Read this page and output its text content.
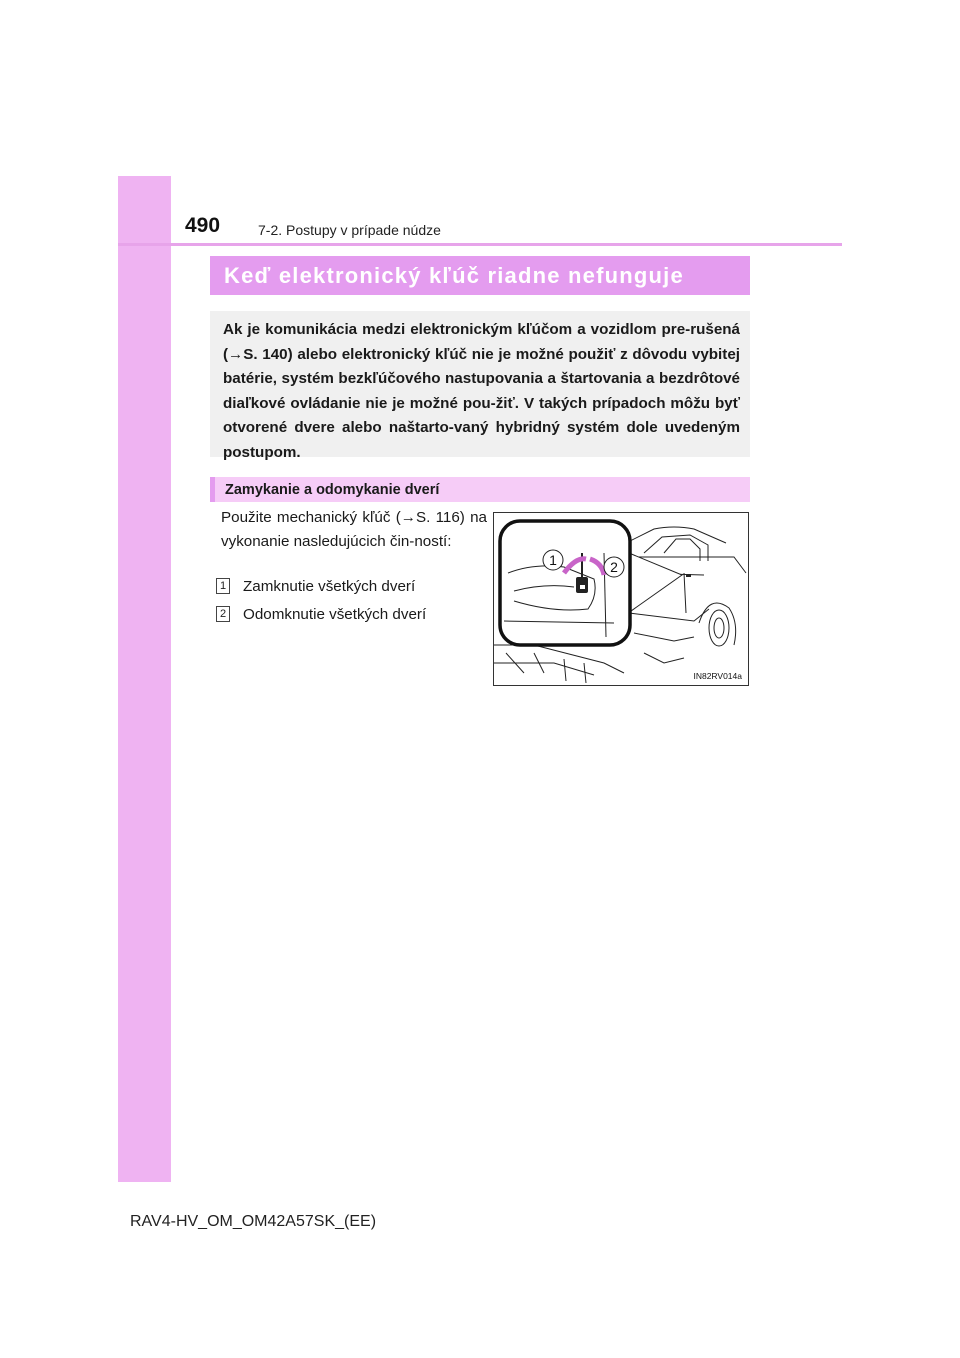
490	7-2. Postupy v prípade núdze
Keď elektronický kľúč riadne nefunguje

Ak je komunikácia medzi elektronickým kľúčom a vozidlom pre-rušená (→S. 140) alebo elektronický kľúč nie je možné použiť z dôvodu vybitej batérie, systém bezkľúčového nastupovania a štartovania a bezdrôtové diaľkové ovládanie nie je možné pou-žiť. V takých prípadoch môžu byť otvorené dvere alebo naštarto-vaný hybridný systém dole uvedeným postupom.

Zamykanie a odomykanie dverí

Použite mechanický kľúč (→S. 116) na vykonanie nasledujúcich čin-ností:

1 Zamknutie všetkých dverí
2 Odomknutie všetkých dverí
1	2
IN82RV014a
RAV4-HV_OM_OM42A57SK_(EE)
